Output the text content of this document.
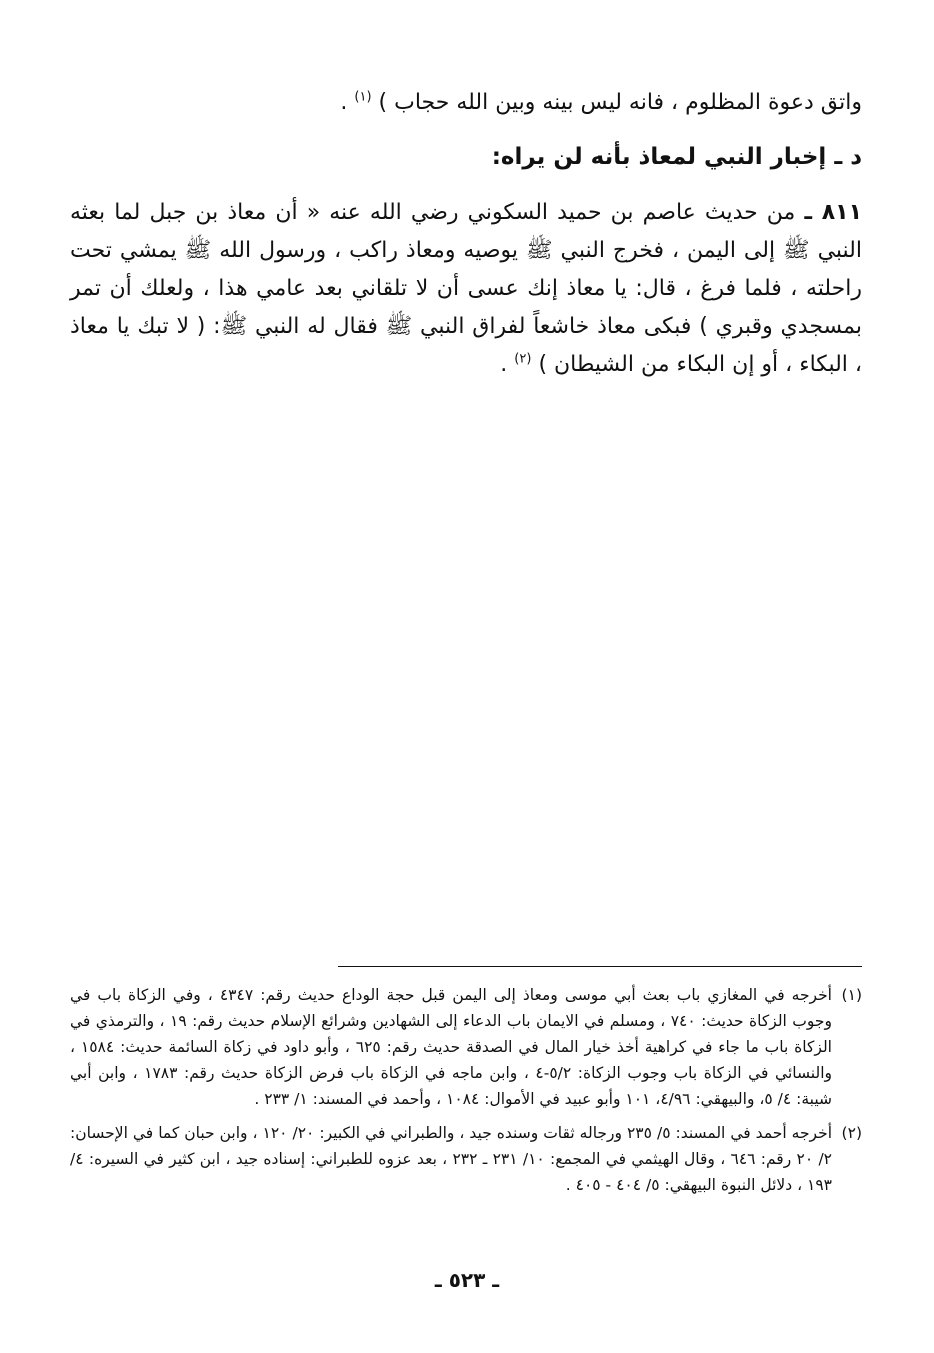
واتق دعوة المظلوم ، فانه ليس بينه وبين الله حجاب ) $^{(١)}$ .
د ـ إخبار النبي لمعاذ بأنه لن يراه:
٨١١ ـ من حديث عاصم بن حميد السكوني رضي الله عنه « أن معاذ بن جبل لما بعثه النبي ﷺ إلى اليمن ، فخرج النبي ﷺ يوصيه ومعاذ راكب ، ورسول الله ﷺ يمشي تحت راحلته ، فلما فرغ ، قال: يا معاذ إنك عسى أن لا تلقاني بعد عامي هذا ، ولعلك أن تمر بمسجدي وقبري ) فبكى معاذ خاشعاً لفراق النبي ﷺ فقال له النبي ﷺ: ( لا تبك يا معاذ ، البكاء ، أو إن البكاء من الشيطان ) $^{(٢)}$ .
(١)
أخرجه في المغازي باب بعث أبي موسى ومعاذ إلى اليمن قبل حجة الوداع حديث رقم: ٤٣٤٧ ، وفي الزكاة باب في وجوب الزكاة حديث: ٧٤٠ ، ومسلم في الايمان باب الدعاء إلى الشهادين وشرائع الإسلام حديث رقم: ١٩ ، والترمذي في الزكاة باب ما جاء في كراهية أخذ خيار المال في الصدقة حديث رقم: ٦٢٥ ، وأبو داود في زكاة السائمة حديث: ١٥٨٤ ، والنسائي في الزكاة باب وجوب الزكاة: ٥/٢-٤ ، وابن ماجه في الزكاة باب فرض الزكاة حديث رقم: ١٧٨٣ ، وابن أبي شيبة: ٤/ ٥، والبيهقي: ٤/٩٦، ١٠١ وأبو عبيد في الأموال: ١٠٨٤ ، وأحمد في المسند: ١/ ٢٣٣ .
(٢)
أخرجه أحمد في المسند: ٥/ ٢٣٥ ورجاله ثقات وسنده جيد ، والطبراني في الكبير: ٢٠/ ١٢٠ ، وابن حبان كما في الإحسان: ٢/ ٢٠ رقم: ٦٤٦ ، وقال الهيثمي في المجمع: ١٠/ ٢٣١ ـ ٢٣٢ ، بعد عزوه للطبراني: إسناده جيد ، ابن كثير في السيره: ٤/ ١٩٣ ، دلائل النبوة البيهقي: ٥/ ٤٠٤ - ٤٠٥ .
ـ ٥٢٣ ـ
